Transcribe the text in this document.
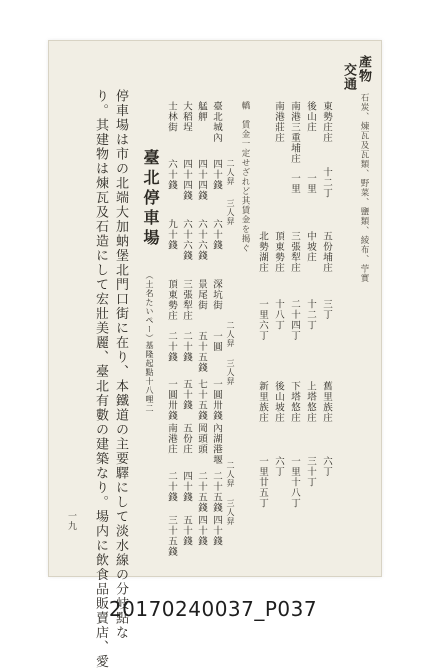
產物
石炭、煉瓦及瓦類、野菜、鹽類、綾布、苧實
交通
東勢庄庄
後山庄
南港三重埔庄
南港莊庄
十二丁
一里
一里
五份埔庄
中坡庄
三張犁庄
頂東勢庄
北勢湖庄
三丁
十二丁
二十四丁
十八丁
一里六丁
舊里族庄
上塔悠庄
下塔悠庄
後山坡庄
新里族庄
六丁
三十丁
一里十八丁
六丁
一里廿五丁
轎　賃金一定せざれど其賃金を揭ぐ
二人舁
三人舁
二人舁
三人舁
二人舁
三人舁
臺北城內
艋舺
大稻埕
士林街
四十錢
四十四錢
四十四錢
六十錢
六十錢
六十六錢
六十六錢
九十錢
深坑街
景尾街
三張犁庄
頂東勢庄
一圓
五十五錢
二十錢
二十錢
一圓卅錢
七十五錢
五十錢
一圓卅錢
內湖港堰
岡頭頭
五份庄
南港庄
二十五錢
二十五錢
四十錢
二十錢
四十錢
四十錢
五十錢
三十五錢
臺北停車場
（土名たいぺー）
基隆起點十八哩二
停車場は市の北端大加蚋堡北門口街に在り、本鐵道の主要驛にして淡水線の分岐點な
り。其建物は煉瓦及石造にして宏壯美麗、臺北有數の建築なり。場内に飲食品販賣店、愛
一九
20170240037_P037
